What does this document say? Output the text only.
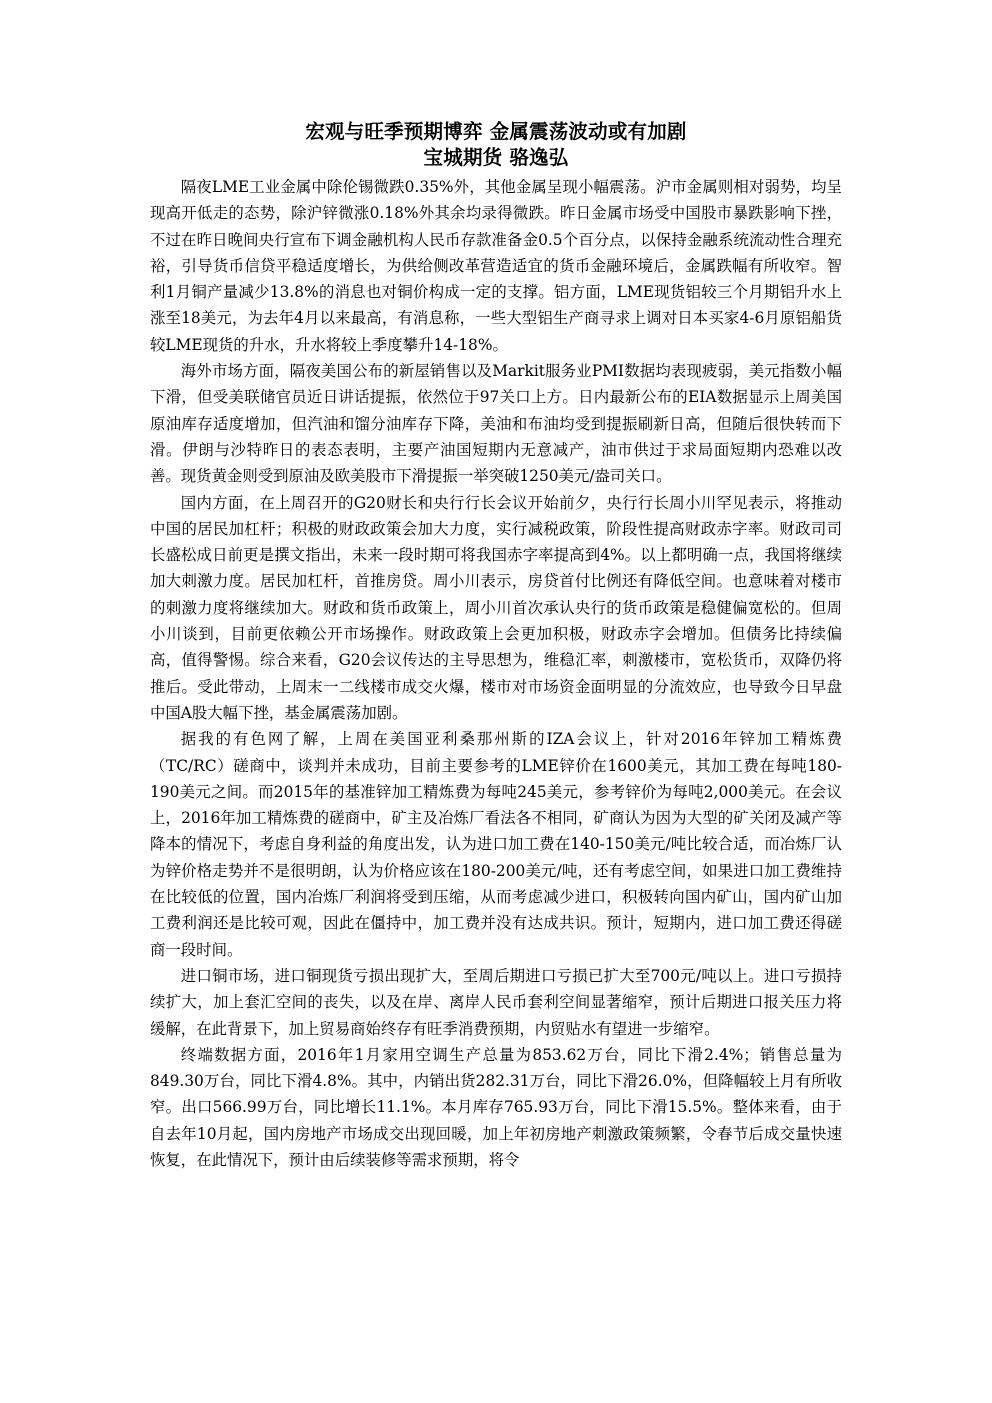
宏观与旺季预期博弈 金属震荡波动或有加剧
宝城期货 骆逸弘

隔夜LME工业金属中除伦锡微跌0.35%外，其他金属呈现小幅震荡。沪市金属则相对弱势，均呈现高开低走的态势，除沪锌微涨0.18%外其余均录得微跌。昨日金属市场受中国股市暴跌影响下挫，不过在昨日晚间央行宣布下调金融机构人民币存款准备金0.5个百分点，以保持金融系统流动性合理充裕，引导货币信贷平稳适度增长，为供给侧改革营造适宜的货币金融环境后，金属跌幅有所收窄。智利1月铜产量减少13.8%的消息也对铜价构成一定的支撑。铝方面，LME现货铝较三个月期铝升水上涨至18美元，为去年4月以来最高，有消息称，一些大型铝生产商寻求上调对日本买家4-6月原铝船货较LME现货的升水，升水将较上季度攀升14-18%。

海外市场方面，隔夜美国公布的新屋销售以及Markit服务业PMI数据均表现疲弱，美元指数小幅下滑，但受美联储官员近日讲话提振，依然位于97关口上方。日内最新公布的EIA数据显示上周美国原油库存适度增加，但汽油和馏分油库存下降，美油和布油均受到提振刷新日高，但随后很快转而下滑。伊朗与沙特昨日的表态表明，主要产油国短期内无意减产，油市供过于求局面短期内恐难以改善。现货黄金则受到原油及欧美股市下滑提振一举突破1250美元/盎司关口。

国内方面，在上周召开的G20财长和央行行长会议开始前夕，央行行长周小川罕见表示，将推动中国的居民加杠杆；积极的财政政策会加大力度，实行减税政策，阶段性提高财政赤字率。财政司司长盛松成日前更是撰文指出，未来一段时期可将我国赤字率提高到4%。以上都明确一点，我国将继续加大刺激力度。居民加杠杆，首推房贷。周小川表示，房贷首付比例还有降低空间。也意味着对楼市的刺激力度将继续加大。财政和货币政策上，周小川首次承认央行的货币政策是稳健偏宽松的。但周小川谈到，目前更依赖公开市场操作。财政政策上会更加积极，财政赤字会增加。但债务比持续偏高，值得警惕。综合来看，G20会议传达的主导思想为，维稳汇率，刺激楼市，宽松货币，双降仍将推后。受此带动，上周末一二线楼市成交火爆，楼市对市场资金面明显的分流效应，也导致今日早盘中国A股大幅下挫，基金属震荡加剧。

据我的有色网了解，上周在美国亚利桑那州斯的IZA会议上，针对2016年锌加工精炼费（TC/RC）磋商中，谈判并未成功，目前主要参考的LME锌价在1600美元，其加工费在每吨180-190美元之间。而2015年的基准锌加工精炼费为每吨245美元，参考锌价为每吨2,000美元。在会议上，2016年加工精炼费的磋商中，矿主及冶炼厂看法各不相同，矿商认为因为大型的矿关闭及减产等降本的情况下，考虑自身利益的角度出发，认为进口加工费在140-150美元/吨比较合适，而冶炼厂认为锌价格走势并不是很明朗，认为价格应该在180-200美元/吨，还有考虑空间，如果进口加工费维持在比较低的位置，国内冶炼厂利润将受到压缩，从而考虑减少进口，积极转向国内矿山，国内矿山加工费利润还是比较可观，因此在僵持中，加工费并没有达成共识。预计，短期内，进口加工费还得磋商一段时间。

进口铜市场，进口铜现货亏损出现扩大，至周后期进口亏损已扩大至700元/吨以上。进口亏损持续扩大，加上套汇空间的丧失，以及在岸、离岸人民币套利空间显著缩窄，预计后期进口报关压力将缓解，在此背景下，加上贸易商始终存有旺季消费预期，内贸贴水有望进一步缩窄。

终端数据方面，2016年1月家用空调生产总量为853.62万台，同比下滑2.4%；销售总量为849.30万台，同比下滑4.8%。其中，内销出货282.31万台，同比下滑26.0%，但降幅较上月有所收窄。出口566.99万台，同比增长11.1%。本月库存765.93万台，同比下滑15.5%。整体来看，由于自去年10月起，国内房地产市场成交出现回暖，加上年初房地产刺激政策频繁，令春节后成交量快速恢复，在此情况下，预计由后续装修等需求预期，将令
